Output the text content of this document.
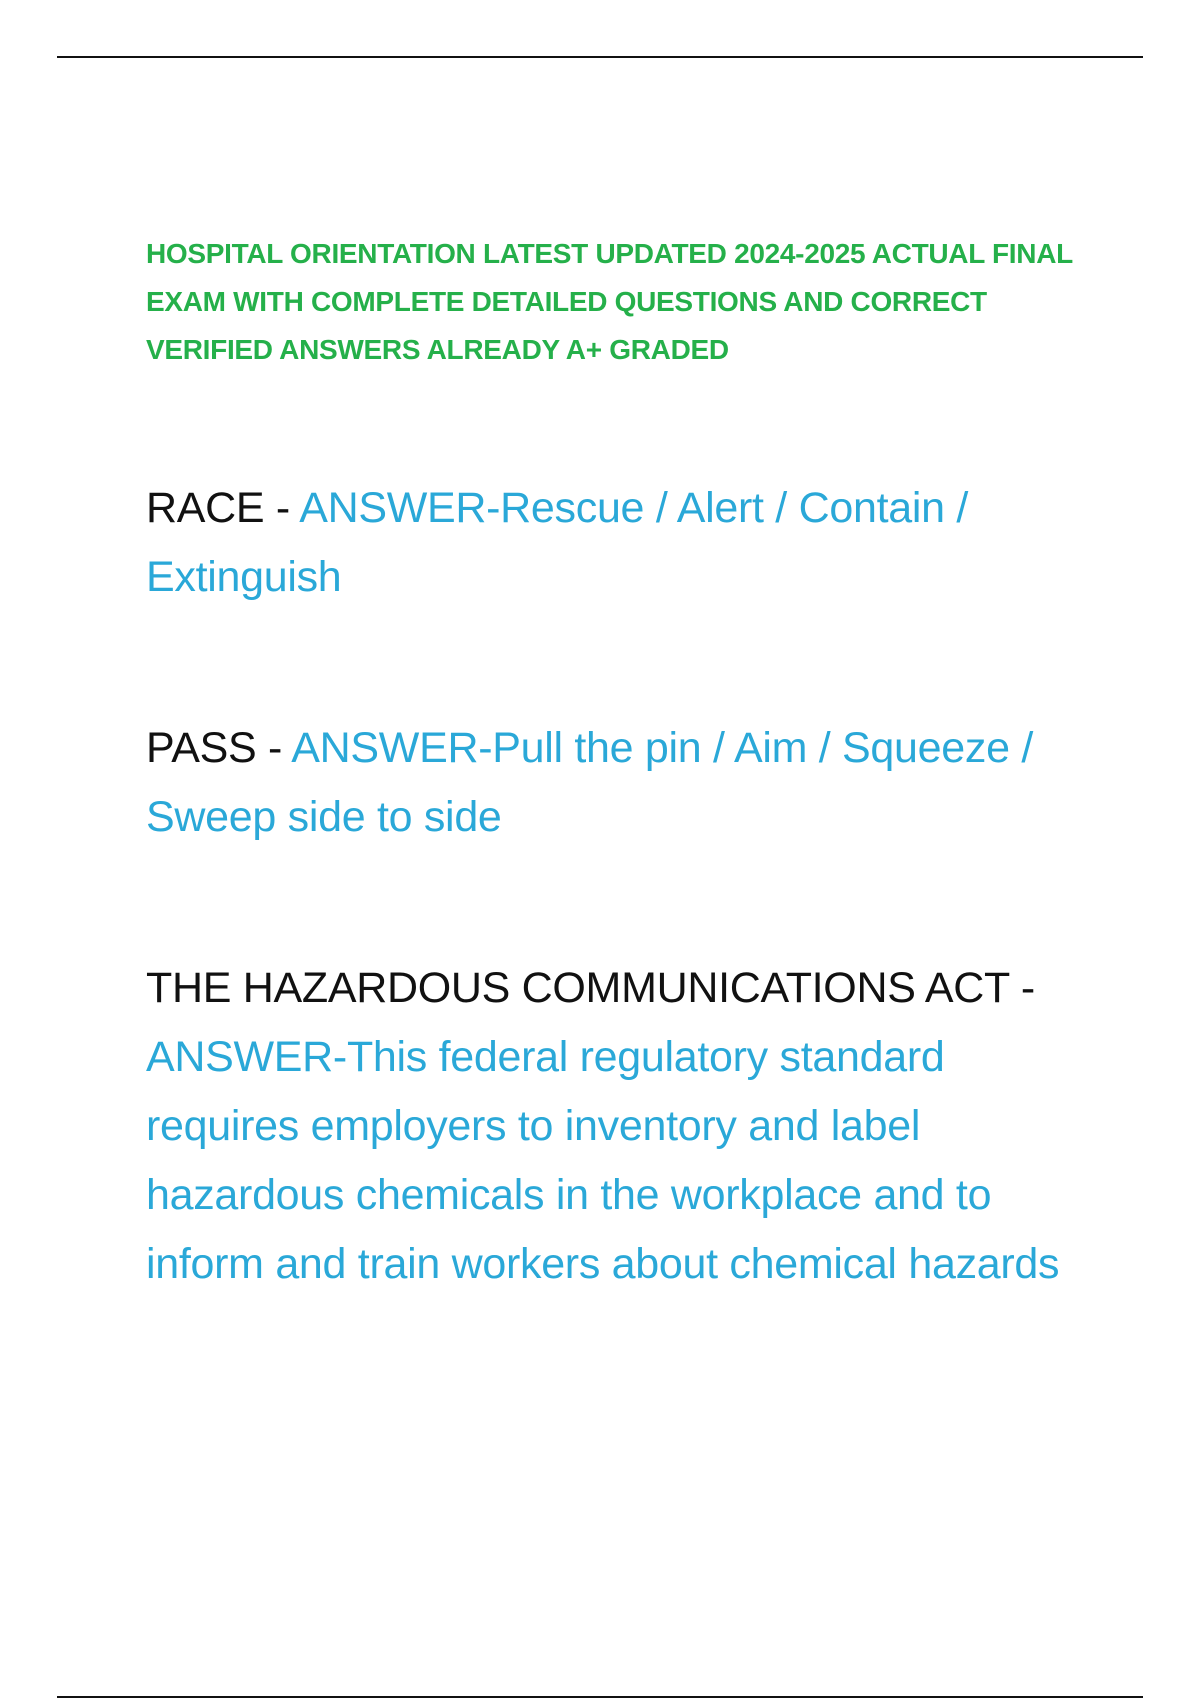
HOSPITAL ORIENTATION LATEST UPDATED 2024-2025 ACTUAL FINAL EXAM WITH COMPLETE DETAILED QUESTIONS AND CORRECT VERIFIED ANSWERS ALREADY A+ GRADED

RACE - ANSWER-Rescue / Alert / Contain / Extinguish

PASS - ANSWER-Pull the pin / Aim / Squeeze / Sweep side to side

THE HAZARDOUS COMMUNICATIONS ACT - ANSWER-This federal regulatory standard requires employers to inventory and label hazardous chemicals in the workplace and to inform and train workers about chemical hazards
